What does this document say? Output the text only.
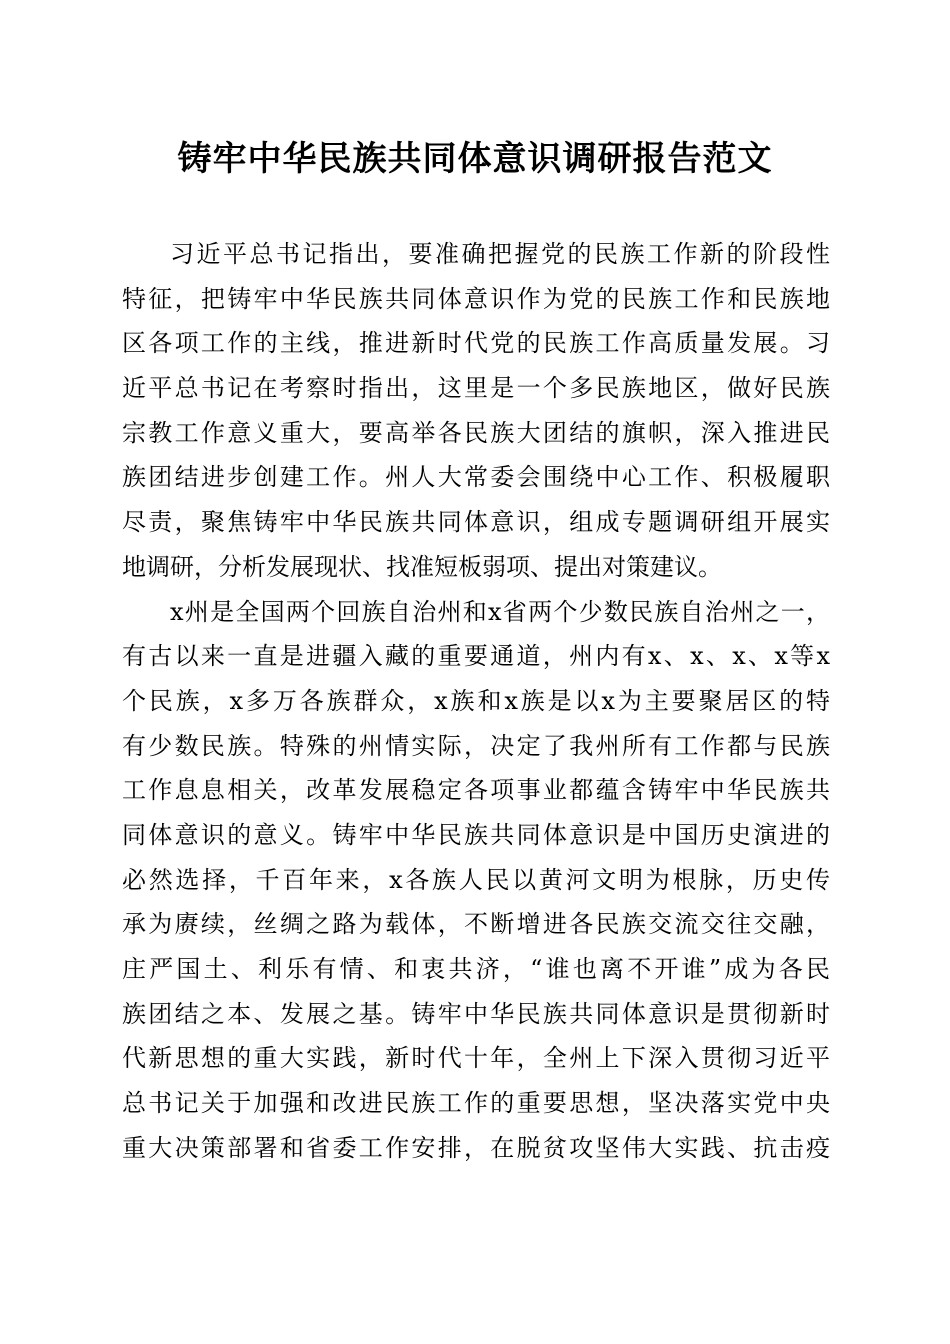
铸牢中华民族共同体意识调研报告范文
习近平总书记指出，要准确把握党的民族工作新的阶段性
特征，把铸牢中华民族共同体意识作为党的民族工作和民族地
区各项工作的主线，推进新时代党的民族工作高质量发展。习
近平总书记在考察时指出，这里是一个多民族地区，做好民族
宗教工作意义重大，要高举各民族大团结的旗帜，深入推进民
族团结进步创建工作。州人大常委会围绕中心工作、积极履职
尽责，聚焦铸牢中华民族共同体意识，组成专题调研组开展实
地调研，分析发展现状、找准短板弱项、提出对策建议。
x州是全国两个回族自治州和x省两个少数民族自治州之一，
有古以来一直是进疆入藏的重要通道，州内有x、x、x、x等x
个民族，x多万各族群众，x族和x族是以x为主要聚居区的特
有少数民族。特殊的州情实际，决定了我州所有工作都与民族
工作息息相关，改革发展稳定各项事业都蕴含铸牢中华民族共
同体意识的意义。铸牢中华民族共同体意识是中国历史演进的
必然选择，千百年来，x各族人民以黄河文明为根脉，历史传
承为赓续，丝绸之路为载体，不断增进各民族交流交往交融，
庄严国土、利乐有情、和衷共济，“谁也离不开谁”成为各民
族团结之本、发展之基。铸牢中华民族共同体意识是贯彻新时
代新思想的重大实践，新时代十年，全州上下深入贯彻习近平
总书记关于加强和改进民族工作的重要思想，坚决落实党中央
重大决策部署和省委工作安排，在脱贫攻坚伟大实践、抗击疫
